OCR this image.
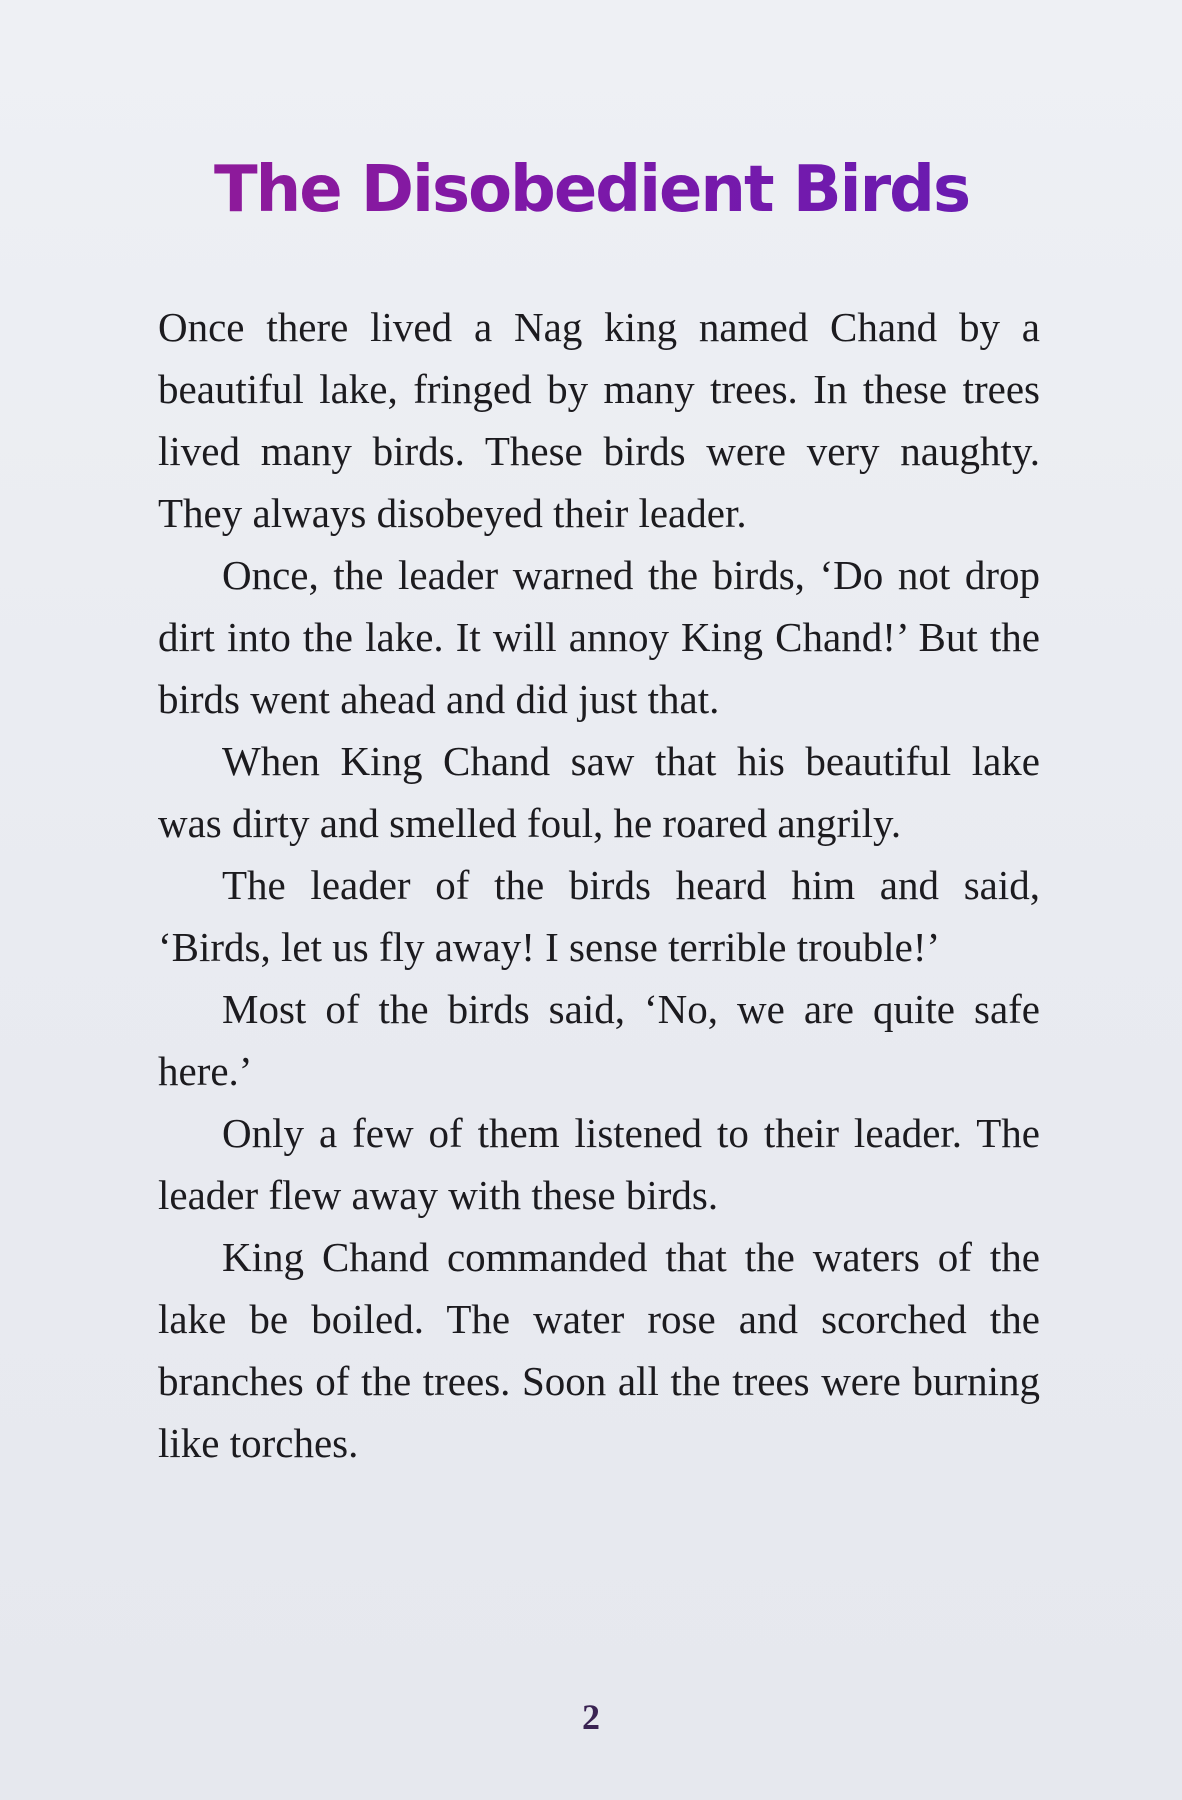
The Disobedient Birds

Once there lived a Nag king named Chand by a beautiful lake, fringed by many trees. In these trees lived many birds. These birds were very naughty. They always disobeyed their leader.

Once, the leader warned the birds, ‘Do not drop dirt into the lake. It will annoy King Chand!’ But the birds went ahead and did just that.

When King Chand saw that his beautiful lake was dirty and smelled foul, he roared angrily.

The leader of the birds heard him and said, ‘Birds, let us fly away! I sense terrible trouble!’

Most of the birds said, ‘No, we are quite safe here.’

Only a few of them listened to their leader. The leader flew away with these birds.

King Chand commanded that the waters of the lake be boiled. The water rose and scorched the branches of the trees. Soon all the trees were burning like torches.

2
